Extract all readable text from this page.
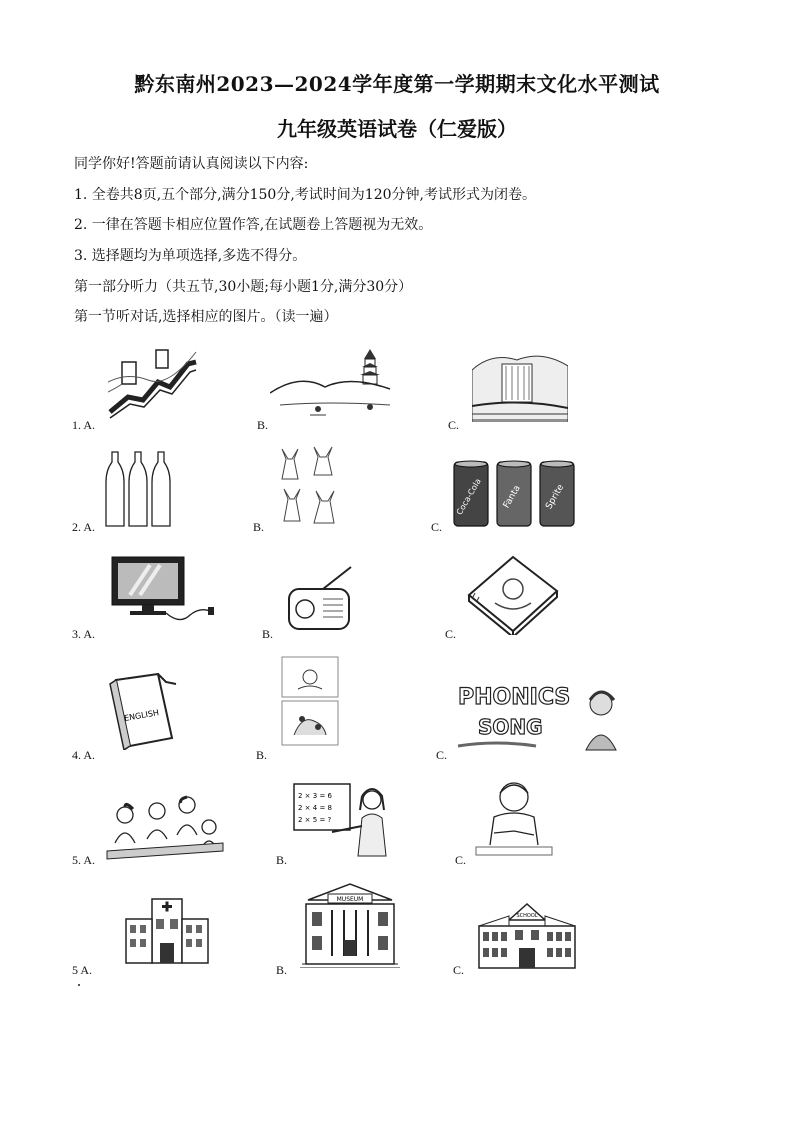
黔东南州2023—2024学年度第一学期期末文化水平测试
九年级英语试卷（仁爱版）
同学你好!答题前请认真阅读以下内容:
1. 全卷共8页,五个部分,满分150分,考试时间为120分钟,考试形式为闭卷。
2. 一律在答题卡相应位置作答,在试题卷上答题视为无效。
3. 选择题均为单项选择,多选不得分。
第一部分听力（共五节,30小题;每小题1分,满分30分）
第一节听对话,选择相应的图片。（读一遍）
1. A.	B.	C.
2. A.	B.	C.
Coca-Cola Fanta Sprite
3. A.	B.	C.
4. A.	B.	C.
ENGLISH
PHONICS
SONG
5. A.	B.	C.
2 × 3 = 6
2 × 4 = 8
2 × 5 = ?
5 A.	B.	C.
MUSEUM
SCHOOL
